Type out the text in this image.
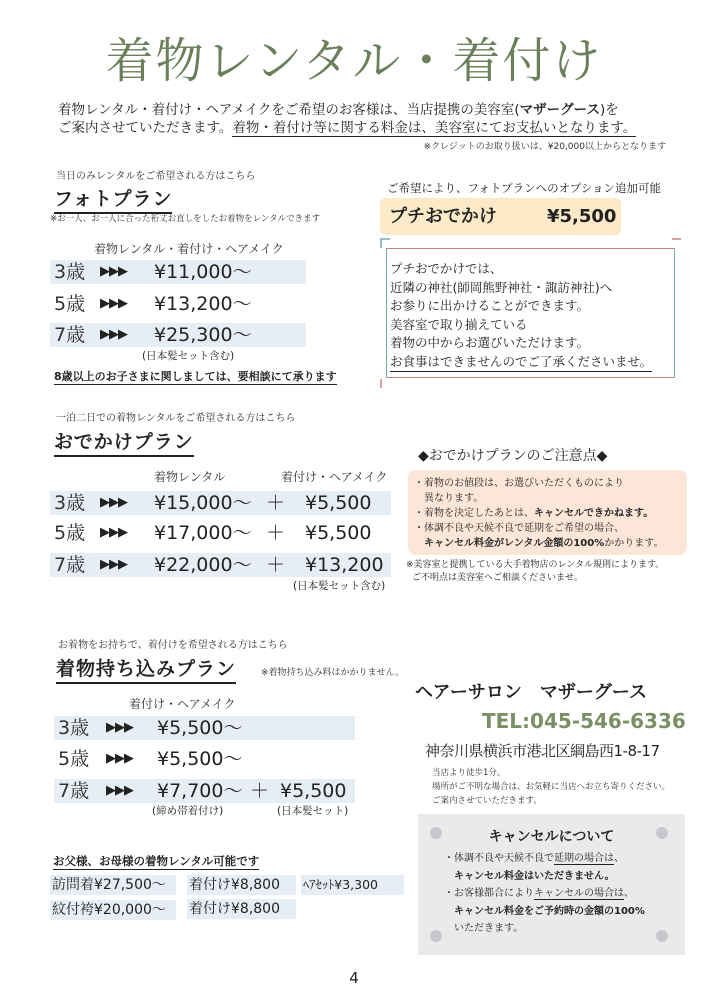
着物レンタル・着付け
着物レンタル・着付け・ヘアメイクをご希望のお客様は、当店提携の美容室(マザーグース)を
ご案内させていただきます。着物・着付け等に関する料金は、美容室にてお支払いとなります。
※クレジットのお取り扱いは、¥20,000以上からとなります
当日のみレンタルをご希望される方はこちら
フォトプラン
※お一人、お一人に合った裄丈お直しをしたお着物をレンタルできます
着物レンタル・着付け・ヘアメイク
3歳 ▶▶▶ ¥11,000〜
5歳 ▶▶▶ ¥13,200〜
7歳 ▶▶▶ ¥25,300〜
(日本髪セット含む)
8歳以上のお子さまに関しましては、要相談にて承ります
ご希望により、フォトプランへのオプション追加可能
プチおでかけ	¥5,500
プチおでかけでは、
近隣の神社(師岡熊野神社・諏訪神社)へ
お参りに出かけることができます。
美容室で取り揃えている
着物の中からお選びいただけます。
お食事はできませんのでご了承くださいませ。
一泊二日での着物レンタルをご希望される方はこちら
おでかけプラン
着物レンタル	着付け・ヘアメイク
3歳 ▶▶▶ ¥15,000〜 ＋ ¥5,500
5歳 ▶▶▶ ¥17,000〜 ＋ ¥5,500
7歳 ▶▶▶ ¥22,000〜 ＋ ¥13,200
(日本髪セット含む)
◆おでかけプランのご注意点◆
・着物のお値段は、お選びいただくものにより
　異なります。
・着物を決定したあとは、キャンセルできかねます。
・体調不良や天候不良で延期をご希望の場合、
　キャンセル料金がレンタル金額の100%かかります。
※美容室と提携している大手着物店のレンタル規則によります。
ご不明点は美容室へご相談くださいませ。
お着物をお持ちで、着付けを希望される方はこちら
着物持ち込みプラン	※着物持ち込み料はかかりません。
着付け・ヘアメイク
3歳 ▶▶▶ ¥5,500〜
5歳 ▶▶▶ ¥5,500〜
7歳 ▶▶▶ ¥7,700〜 ＋ ¥5,500
(締め帯着付け)	(日本髪セット)
お父様、お母様の着物レンタル可能です
訪問着¥27,500〜	着付け¥8,800	ﾍｱｾｯﾄ¥3,300
紋付袴¥20,000〜	着付け¥8,800
ヘアーサロン　マザーグース
TEL:045-546-6336
神奈川県横浜市港北区綱島西1-8-17
当店より徒歩1分。
場所がご不明な場合は、お気軽に当店へお立ち寄りください。
ご案内させていただきます。
キャンセルについて
・体調不良や天候不良で延期の場合は、
キャンセル料金はいただきません。
・お客様都合によりキャンセルの場合は、
キャンセル料金をご予約時の金額の100%
いただきます。
4
